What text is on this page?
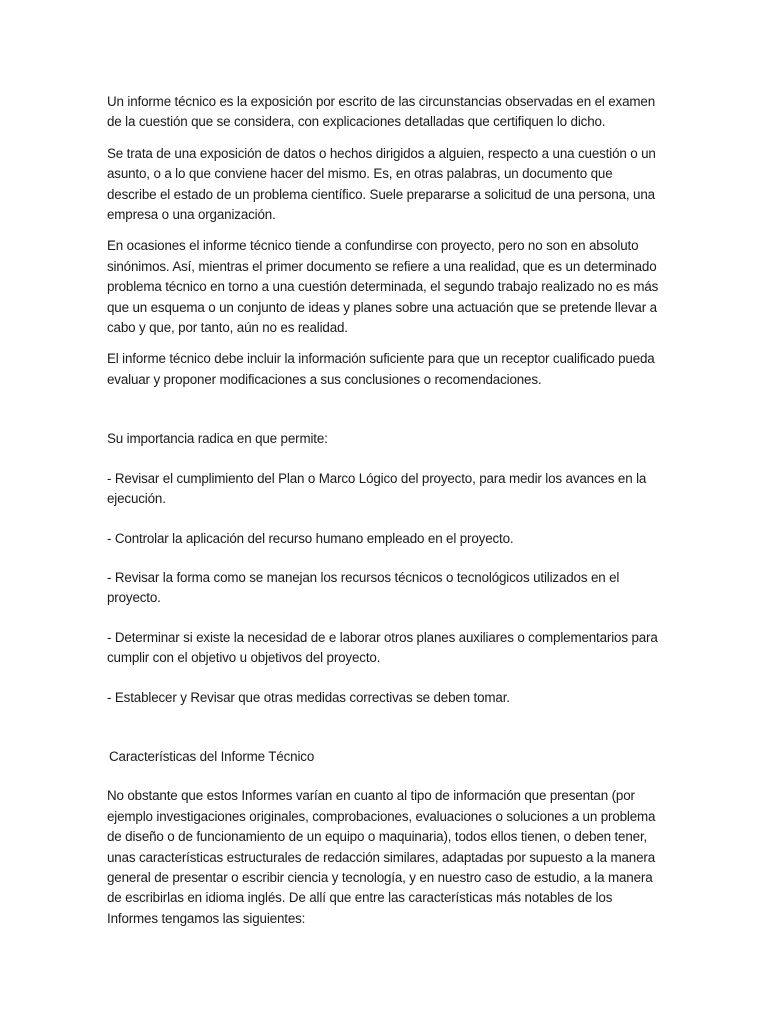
Un informe técnico es la exposición por escrito de las circunstancias observadas en el examen de la cuestión que se considera, con explicaciones detalladas que certifiquen lo dicho.

Se trata de una exposición de datos o hechos dirigidos a alguien, respecto a una cuestión o un asunto, o a lo que conviene hacer del mismo. Es, en otras palabras, un documento que describe el estado de un problema científico. Suele prepararse a solicitud de una persona, una empresa o una organización.

En ocasiones el informe técnico tiende a confundirse con proyecto, pero no son en absoluto sinónimos. Así, mientras el primer documento se refiere a una realidad, que es un determinado problema técnico en torno a una cuestión determinada, el segundo trabajo realizado no es más que un esquema o un conjunto de ideas y planes sobre una actuación que se pretende llevar a cabo y que, por tanto, aún no es realidad.

El informe técnico debe incluir la información suficiente para que un receptor cualificado pueda evaluar y proponer modificaciones a sus conclusiones o recomendaciones.

Su importancia radica en que permite:

- Revisar el cumplimiento del Plan o Marco Lógico del proyecto, para medir los avances en la ejecución.
- Controlar la aplicación del recurso humano empleado en el proyecto.
- Revisar la forma como se manejan los recursos técnicos o tecnológicos utilizados en el proyecto.
- Determinar si existe la necesidad de e laborar otros planes auxiliares o complementarios para cumplir con el objetivo u objetivos del proyecto.
- Establecer y Revisar que otras medidas correctivas se deben tomar.

Características del Informe Técnico

No obstante que estos Informes varían en cuanto al tipo de información que presentan (por ejemplo investigaciones originales, comprobaciones, evaluaciones o soluciones a un problema de diseño o de funcionamiento de un equipo o maquinaria), todos ellos tienen, o deben tener, unas características estructurales de redacción similares, adaptadas por supuesto a la manera general de presentar o escribir ciencia y tecnología, y en nuestro caso de estudio, a la manera de escribirlas en idioma inglés. De allí que entre las características más notables de los Informes tengamos las siguientes:
